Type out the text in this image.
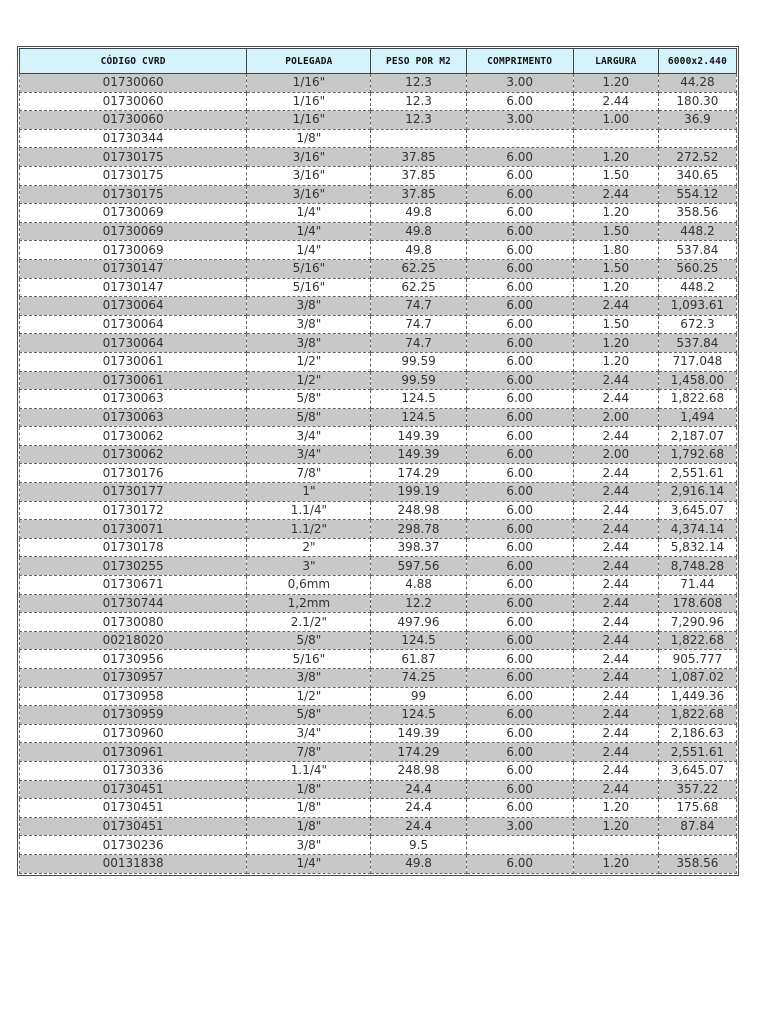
CÓDIGO CVRD	POLEGADA	PESO POR M2	COMPRIMENTO	LARGURA	6000x2.440
01730060	1/16"	12.3	3.00	1.20	44.28
01730060	1/16"	12.3	6.00	2.44	180.30
01730060	1/16"	12.3	3.00	1.00	36.9
01730344	1/8"				
01730175	3/16"	37.85	6.00	1.20	272.52
01730175	3/16"	37.85	6.00	1.50	340.65
01730175	3/16"	37.85	6.00	2.44	554.12
01730069	1/4"	49.8	6.00	1.20	358.56
01730069	1/4"	49.8	6.00	1.50	448.2
01730069	1/4"	49.8	6.00	1.80	537.84
01730147	5/16"	62.25	6.00	1.50	560.25
01730147	5/16"	62.25	6.00	1.20	448.2
01730064	3/8"	74.7	6.00	2.44	1,093.61
01730064	3/8"	74.7	6.00	1.50	672.3
01730064	3/8"	74.7	6.00	1.20	537.84
01730061	1/2"	99.59	6.00	1.20	717.048
01730061	1/2"	99.59	6.00	2.44	1,458.00
01730063	5/8"	124.5	6.00	2.44	1,822.68
01730063	5/8"	124.5	6.00	2.00	1,494
01730062	3/4"	149.39	6.00	2.44	2,187.07
01730062	3/4"	149.39	6.00	2.00	1,792.68
01730176	7/8"	174.29	6.00	2.44	2,551.61
01730177	1"	199.19	6.00	2.44	2,916.14
01730172	1.1/4"	248.98	6.00	2.44	3,645.07
01730071	1.1/2"	298.78	6.00	2.44	4,374.14
01730178	2"	398.37	6.00	2.44	5,832.14
01730255	3"	597.56	6.00	2.44	8,748.28
01730671	0,6mm	4.88	6.00	2.44	71.44
01730744	1,2mm	12.2	6.00	2.44	178.608
01730080	2.1/2"	497.96	6.00	2.44	7,290.96
00218020	5/8"	124.5	6.00	2.44	1,822.68
01730956	5/16"	61.87	6.00	2.44	905.777
01730957	3/8"	74.25	6.00	2.44	1,087.02
01730958	1/2"	99	6.00	2.44	1,449.36
01730959	5/8"	124.5	6.00	2.44	1,822.68
01730960	3/4"	149.39	6.00	2.44	2,186.63
01730961	7/8"	174.29	6.00	2.44	2,551.61
01730336	1.1/4"	248.98	6.00	2.44	3,645.07
01730451	1/8"	24.4	6.00	2.44	357.22
01730451	1/8"	24.4	6.00	1.20	175.68
01730451	1/8"	24.4	3.00	1.20	87.84
01730236	3/8"	9.5			
00131838	1/4"	49.8	6.00	1.20	358.56
